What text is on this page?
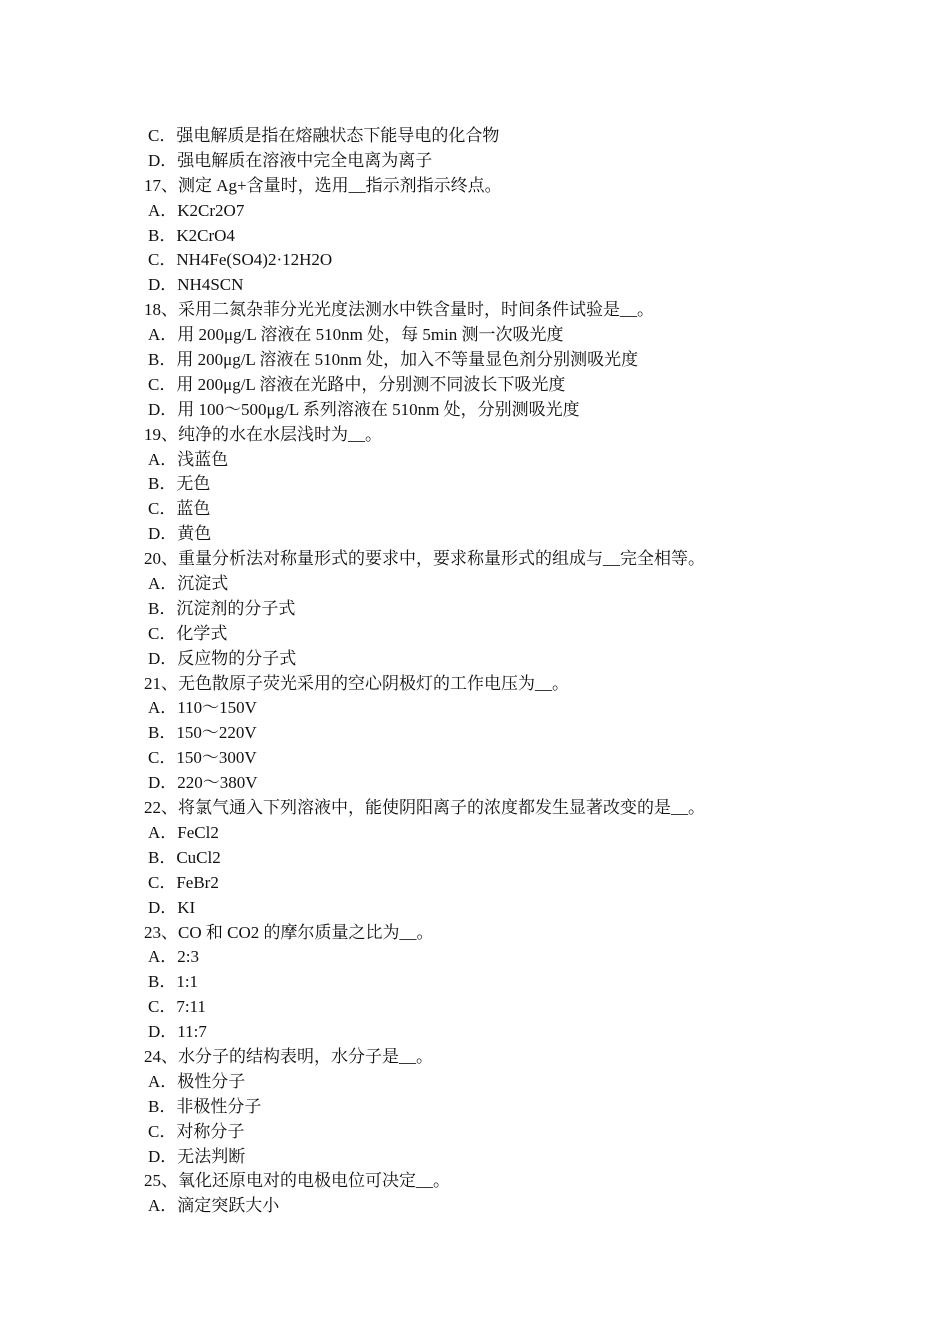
C．强电解质是指在熔融状态下能导电的化合物
D．强电解质在溶液中完全电离为离子
17、测定 Ag+含量时，选用__指示剂指示终点。
A．K2Cr2O7
B．K2CrO4
C．NH4Fe(SO4)2·12H2O
D．NH4SCN
18、采用二氮杂菲分光光度法测水中铁含量时，时间条件试验是__。
A．用 200μg/L 溶液在 510nm 处，每 5min 测一次吸光度
B．用 200μg/L 溶液在 510nm 处，加入不等量显色剂分别测吸光度
C．用 200μg/L 溶液在光路中，分别测不同波长下吸光度
D．用 100～500μg/L 系列溶液在 510nm 处，分别测吸光度
19、纯净的水在水层浅时为__。
A．浅蓝色
B．无色
C．蓝色
D．黄色
20、重量分析法对称量形式的要求中，要求称量形式的组成与__完全相等。
A．沉淀式
B．沉淀剂的分子式
C．化学式
D．反应物的分子式
21、无色散原子荧光采用的空心阴极灯的工作电压为__。
A．110～150V
B．150～220V
C．150～300V
D．220～380V
22、将氯气通入下列溶液中，能使阴阳离子的浓度都发生显著改变的是__。
A．FeCl2
B．CuCl2
C．FeBr2
D．KI
23、CO 和 CO2 的摩尔质量之比为__。
A．2:3
B．1:1
C．7:11
D．11:7
24、水分子的结构表明，水分子是__。
A．极性分子
B．非极性分子
C．对称分子
D．无法判断
25、氧化还原电对的电极电位可决定__。
A．滴定突跃大小
